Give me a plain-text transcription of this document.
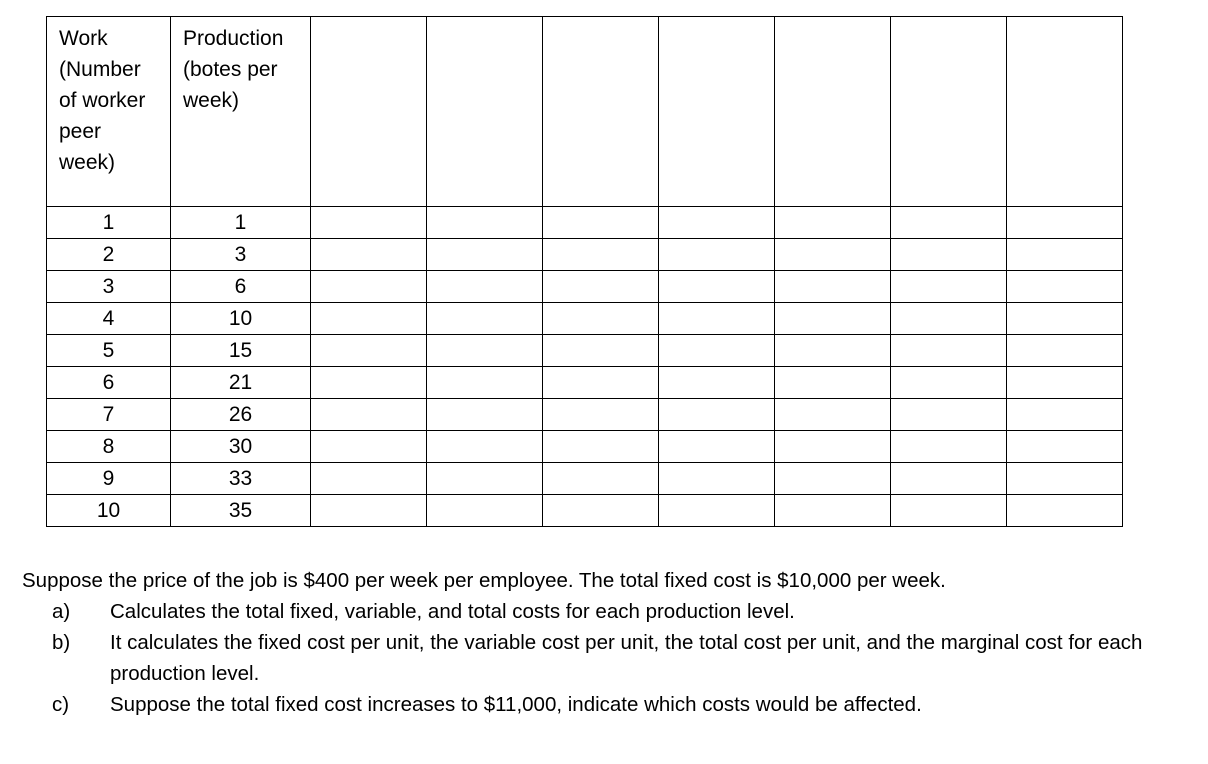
Work (Number of worker peer week)	Production (botes per week)							

1	1							
2	3							
3	6							
4	10							
5	15							
6	21							
7	26							
8	30							
9	33							
10	35							

Suppose the price of the job is $400 per week per employee. The total fixed cost is $10,000 per week.

a)	Calculates the total fixed, variable, and total costs for each production level.
b)	It calculates the fixed cost per unit, the variable cost per unit, the total cost per unit, and the marginal cost for each production level.
c)	Suppose the total fixed cost increases to $11,000, indicate which costs would be affected.
